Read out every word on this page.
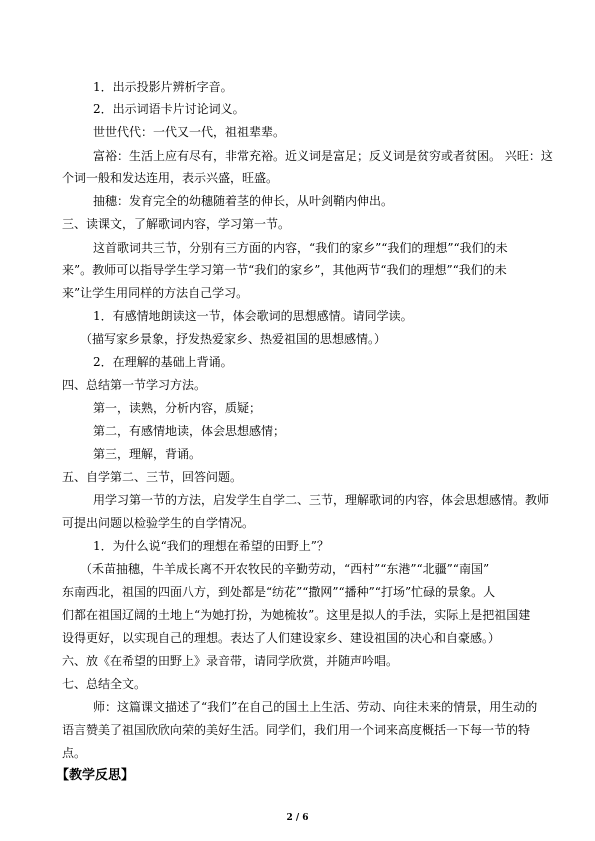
1．出示投影片辨析字音。
2．出示词语卡片讨论词义。
世世代代：一代又一代，祖祖辈辈。
富裕：生活上应有尽有，非常充裕。近义词是富足；反义词是贫穷或者贫困。 兴旺：这
个词一般和发达连用，表示兴盛，旺盛。
抽穗：发育完全的幼穗随着茎的伸长，从叶剑鞘内伸出。
三、读课文，了解歌词内容，学习第一节。
这首歌词共三节，分别有三方面的内容，“我们的家乡”“我们的理想”“我们的未
来”。教师可以指导学生学习第一节“我们的家乡”，其他两节“我们的理想”“我们的未
来”让学生用同样的方法自己学习。
1．有感情地朗读这一节，体会歌词的思想感情。请同学读。
（描写家乡景象，抒发热爱家乡、热爱祖国的思想感情。）
2．在理解的基础上背诵。
四、总结第一节学习方法。
第一，读熟，分析内容，质疑；
第二，有感情地读，体会思想感情；
第三，理解，背诵。
五、自学第二、三节，回答问题。
用学习第一节的方法，启发学生自学二、三节，理解歌词的内容，体会思想感情。教师
可提出问题以检验学生的自学情况。
1．为什么说“我们的理想在希望的田野上”？
（禾苗抽穗，牛羊成长离不开农牧民的辛勤劳动，“西村”“东港”“北疆”“南国”
东南西北，祖国的四面八方，到处都是“纺花”“撒网”“播种”“打场”忙碌的景象。人
们都在祖国辽阔的土地上“为她打扮，为她梳妆”。这里是拟人的手法，实际上是把祖国建
设得更好，以实现自己的理想。表达了人们建设家乡、建设祖国的决心和自豪感。）
六、放《在希望的田野上》录音带，请同学欣赏，并随声吟唱。
七、总结全文。
师：这篇课文描述了“我们”在自己的国土上生活、劳动、向往未来的情景，用生动的
语言赞美了祖国欣欣向荣的美好生活。同学们，我们用一个词来高度概括一下每一节的特
点。
【教学反思】
2 / 6
